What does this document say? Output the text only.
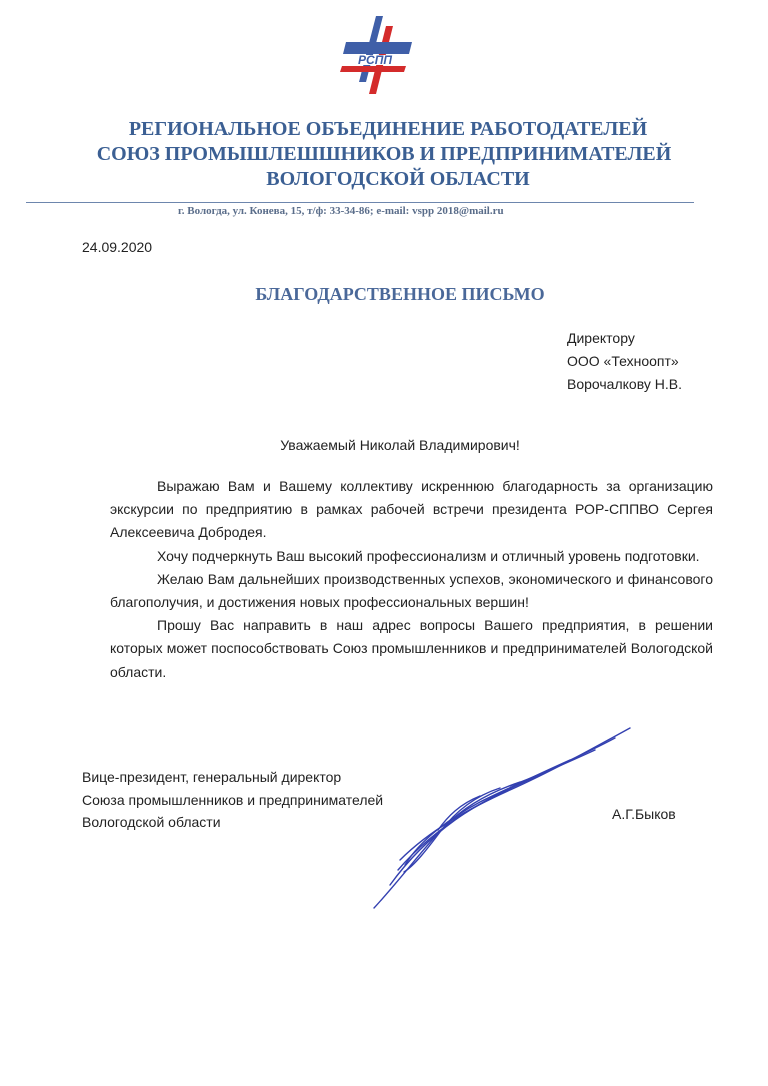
РСПП
РЕГИОНАЛЬНОЕ ОБЪЕДИНЕНИЕ РАБОТОДАТЕЛЕЙ
СОЮЗ ПРОМЫШЛЕШШНИКОВ И ПРЕДПРИНИМАТЕЛЕЙ
ВОЛОГОДСКОЙ ОБЛАСТИ
г. Вологда, ул. Конева, 15, т/ф: 33-34-86; e-mail: vspp 2018@mail.ru
24.09.2020
БЛАГОДАРСТВЕННОЕ ПИСЬМО
Директору
ООО «Технoопт»
Ворочалкову Н.В.
Уважаемый Николай Владимирович!

Выражаю Вам и Вашему коллективу искреннюю благодарность за организацию экскурсии по предприятию в рамках рабочей встречи президента РОР-СППВО Сергея Алексеевича Добродея.

Хочу подчеркнуть Ваш высокий профессионализм и отличный уровень подготовки.

Желаю Вам дальнейших производственных успехов, экономического и финансового благополучия, и достижения новых профессиональных вершин!

Прошу Вас направить в наш адрес вопросы Вашего предприятия, в решении которых может поспособствовать Союз промышленников и предпринимателей Вологодской области.

Вице-президент, генеральный директор
Союза промышленников и предпринимателей
Вологодской области	А.Г.Быков
